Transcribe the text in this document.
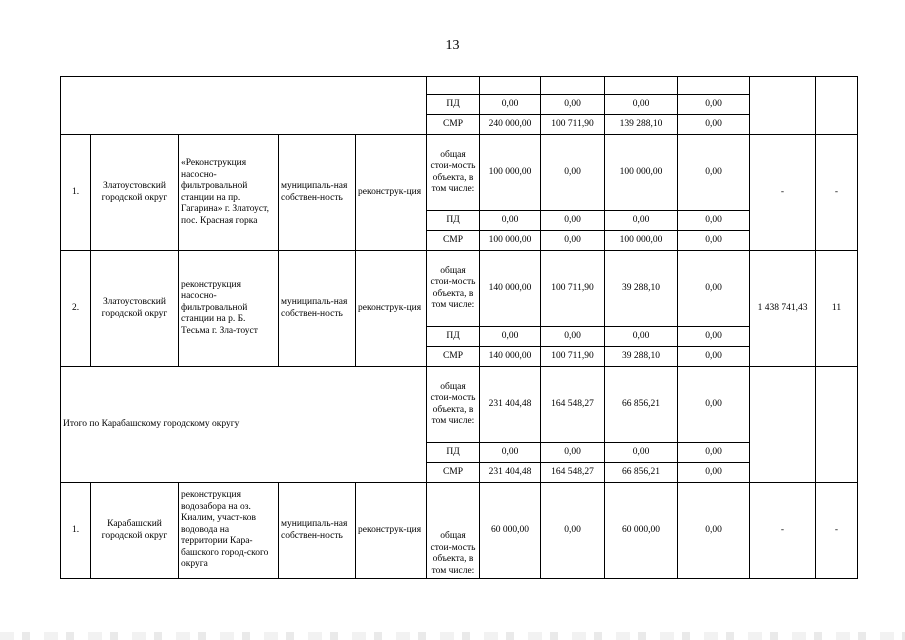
13

					ПД	0,00	0,00	0,00	0,00		
					СМР	240 000,00	100 711,90	139 288,10	0,00		
1.	Златоустовский городской округ	«Реконструкция насосно-фильтровальной станции на пр. Гагарина» г. Златоуст, пос. Красная горка	муниципаль-ная собствен-ность	реконструк-ция	общая стои-мость объекта, в том числе:	100 000,00	0,00	100 000,00	0,00	-	-
					ПД	0,00	0,00	0,00	0,00		
					СМР	100 000,00	0,00	100 000,00	0,00		
2.	Златоустовский городской округ	реконструкция насосно-фильтровальной станции на р. Б. Тесьма г. Зла-тоуст	муниципаль-ная собствен-ность	реконструк-ция	общая стои-мость объекта, в том числе:	140 000,00	100 711,90	39 288,10	0,00	1 438 741,43	11
					ПД	0,00	0,00	0,00	0,00		
					СМР	140 000,00	100 711,90	39 288,10	0,00		
Итого по Карабашскому городскому округу					общая стои-мость объекта, в том числе:	231 404,48	164 548,27	66 856,21	0,00		
					ПД	0,00	0,00	0,00	0,00		
					СМР	231 404,48	164 548,27	66 856,21	0,00		
1.	Карабашский городской округ	реконструкция водозабора на оз. Киалим, участ-ков водовода на территории Кара-башского город-ского округа	муниципаль-ная собствен-ность	реконструк-ция	общая стои-мость объекта, в том числе:	60 000,00	0,00	60 000,00	0,00	-	-
